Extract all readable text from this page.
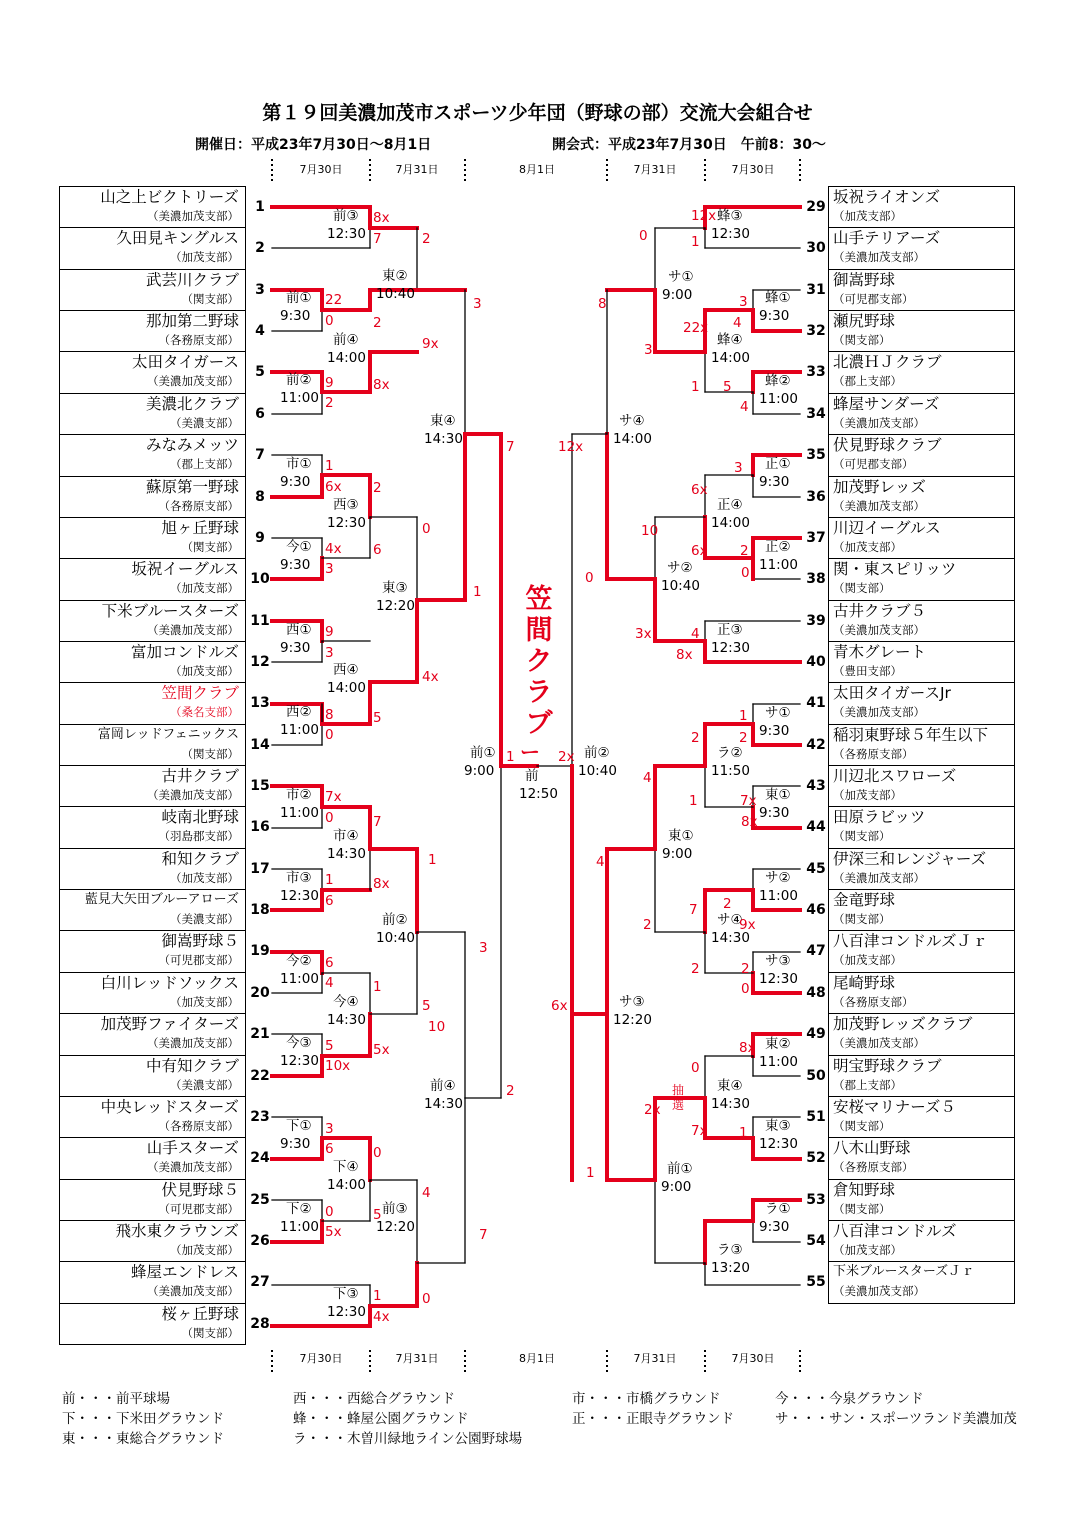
第１９回美濃加茂市スポーツ少年団（野球の部）交流大会組合せ
開催日：平成23年7月30日～8月1日	開会式：平成23年7月30日　午前8：30～
山之上ビクトリーズ
（美濃加茂支部）
1
久田見キングルス
（加茂支部）
2
武芸川クラブ
（関支部）
3
那加第二野球
（各務原支部）
4
太田タイガース
（美濃加茂支部）
5
美濃北クラブ
（美濃支部）
6
みなみメッツ
（郡上支部）
7
蘇原第一野球
（各務原支部）
8
旭ヶ丘野球
（関支部）
9
坂祝イーグルス
（加茂支部）
10
下米ブルースターズ
（美濃加茂支部）
11
富加コンドルズ
（加茂支部）
12
笠間クラブ
（桑名支部）
13
富岡レッドフェニックス
（関支部）
14
古井クラブ
（美濃加茂支部）
15
岐南北野球
（羽島郡支部）
16
和知クラブ
（加茂支部）
17
藍見大矢田ブルーアローズ
（美濃支部）
18
御嵩野球５
（可児郡支部）
19
白川レッドソックス
（加茂支部）
20
加茂野ファイターズ
（美濃加茂支部）
21
中有知クラブ
（美濃支部）
22
中央レッドスターズ
（各務原支部）
23
山手スターズ
（美濃加茂支部）
24
伏見野球５
（可児郡支部）
25
飛水東クラウンズ
（加茂支部）
26
蜂屋エンドレス
（美濃加茂支部）
27
桜ヶ丘野球
（関支部）
28
坂祝ライオンズ
（加茂支部）
29
山手テリアーズ
（美濃加茂支部）
30
御嵩野球
（可児郡支部）
31
瀬尻野球
（関支部）
32
北濃ＨＪクラブ
（郡上支部）
33
蜂屋サンダーズ
（美濃加茂支部）
34
伏見野球クラブ
（可児郡支部）
35
加茂野レッズ
（美濃加茂支部）
36
川辺イーグルス
（加茂支部）
37
関・東スピリッツ
（関支部）
38
古井クラブ５
（美濃加茂支部）
39
青木グレート
（豊田支部）
40
太田タイガースJr
（美濃加茂支部）
41
稲羽東野球５年生以下
（各務原支部）
42
川辺北スワローズ
（加茂支部）
43
田原ラビッツ
（関支部）
44
伊深三和レンジャーズ
（美濃加茂支部）
45
金竜野球
（関支部）
46
八百津コンドルズＪｒ
（加茂支部）
47
尾崎野球
（各務原支部）
48
加茂野レッズクラブ
（美濃加茂支部）
49
明宝野球クラブ
（郡上支部）
50
安桜マリナーズ５
（関支部）
51
八木山野球
（各務原支部）
52
倉知野球
（関支部）
53
八百津コンドルズ
（加茂支部）
54
下米ブルースターズＪｒ
（美濃加茂支部）
55
7月30日	7月31日	8月1日	7月31日	7月30日
7月30日	7月31日	8月1日	7月31日	7月30日
前③
12:30
前①
9:30
前②
11:00
市①
9:30
今①
9:30
西①
9:30
西②
11:00
市②
11:00
市③
12:30
今②
11:00
今③
12:30
下①
9:30
下②
11:00
下③
12:30
東②
10:40
前④
14:00
西③
12:30
西④
14:00
市④
14:30
今④
14:30
下④
14:00
前③
12:20
東④
14:30
東③
12:20
前②
10:40
前④
14:30
前①
9:00 前
12:50
前②
10:40
サ④
14:00
サ②
10:40
サ③
12:20
前①
9:00
サ①
9:00
蜂④
14:00
正④
14:00
ラ②
11:50
東①
9:00
サ④
14:30
東④
14:30
ラ③
13:20
蜂③
12:30
蜂①
9:30
蜂②
11:00
正①
9:30
正②
11:00
正③
12:30
サ①
9:30
東①
9:30
サ②
11:00
サ③
12:30
東②
11:00
東③
12:30
ラ①
9:30
8x
7
22
0
9
2
1
6x
4x
3
9
3
8
0
7x
0
1
6
6
4
5
10x
3
6
0
5x
1
4x
2
2
9x
8x
2
0
6
4x
5
7
8x
1
5
1
5x
10
0
4
5
0
3
1
3
7
7
2
1	2x
12x
0
6x
1
8
3
0
12x
1
3
4
22x
1 5
4
3
6x
10
6x 2
0
3x	4
8x
1
2	2
4
1	7x
8x
4
2
2
7 2
9x
2
0
2x
0
8x
7x 1
抽選
ー
笠
間
ク
ラ
ブ
前・・・前平球場
下・・・下米田グラウンド
東・・・東総合グラウンド
西・・・西総合グラウンド
蜂・・・蜂屋公園グラウンド
ラ・・・木曽川緑地ライン公園野球場
市・・・市橋グラウンド
正・・・正眼寺グラウンド
今・・・今泉グラウンド
サ・・・サン・スポーツランド美濃加茂
